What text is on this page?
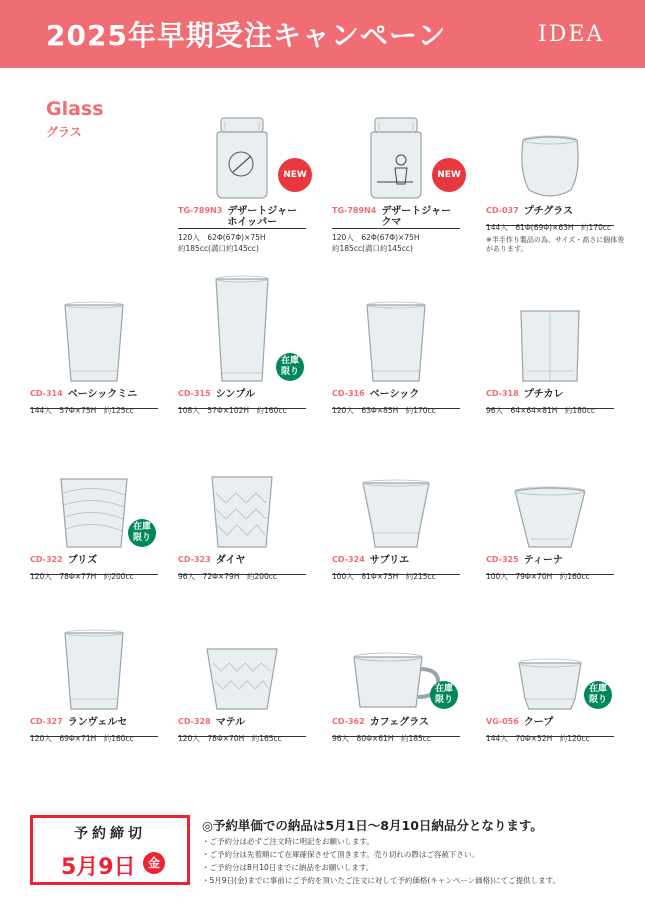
2025年早期受注キャンペーン	IDEA
Glass
グラス
NEW
$^{TG-789N3}$ デザートジャー
ホイッパー
120入　62Φ(67Φ)×75H
約185cc(満口約145cc)
NEW
$^{TG-789N4}$ デザートジャー
クマ
120入　62Φ(67Φ)×75H
約185cc(満口約145cc)
$^{CD-037}$ プチグラス
144入　61Φ(69Φ)×63H　約170cc
※半手作り製品の為、サイズ・高さに個体差があります。
$^{CD-314}$ ベーシックミニ
144入　57Φ×75H　約125cc
在庫
限り
$^{CD-315}$ シンプル
108入　57Φ×102H　約160cc
$^{CD-316}$ ベーシック
120入　63Φ×85H　約170cc
$^{CD-318}$ プチカレ
96入　64×64×81H　約180cc
在庫
限り
$^{CD-322}$ ブリズ
120入　78Φ×77H　約200cc
$^{CD-323}$ ダイヤ
96入　72Φ×79H　約200cc
$^{CD-324}$ サブリエ
100入　81Φ×75H　約215cc
$^{CD-325}$ ティーナ
100入　79Φ×70H　約160cc
$^{CD-327}$ ランヴェルセ
120入　69Φ×71H　約160cc
$^{CD-328}$ マテル
120入　78Φ×70H　約165cc
在庫
限り
$^{CD-362}$ カフェグラス
96入　80Φ×61H　約185cc
在庫
限り
$^{VG-056}$ クープ
144入　70Φ×52H　約120cc
予約締切
5月9日	金
◎予約単価での納品は5月1日〜8月10日納品分となります。
・ご予約分は必ずご注文時に明記をお願いします。
・ご予約分は先着順にて在庫確保させて頂きます。売り切れの際はご容赦下さい。
・ご予約分は8月10日までに納品をお願いします。
・5月9日(金)までに事前にご予約を頂いたご注文に対して予約価格(キャンペーン価格)にてご提供します。
